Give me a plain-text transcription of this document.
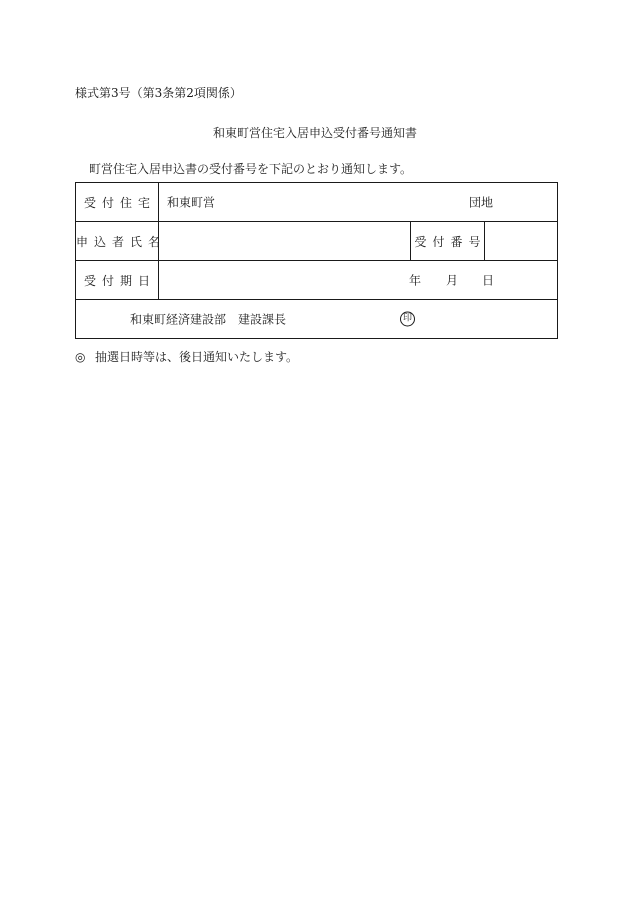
様式第3号（第3条第2項関係）
和東町営住宅入居申込受付番号通知書
町営住宅入居申込書の受付番号を下記のとおり通知します。
受付住宅	和東町営 団地		

申込者氏名		受付番号	
受付期日	年 月 日		

和東町経済建設部　建設課長 印			
◎ 抽選日時等は、後日通知いたします。
